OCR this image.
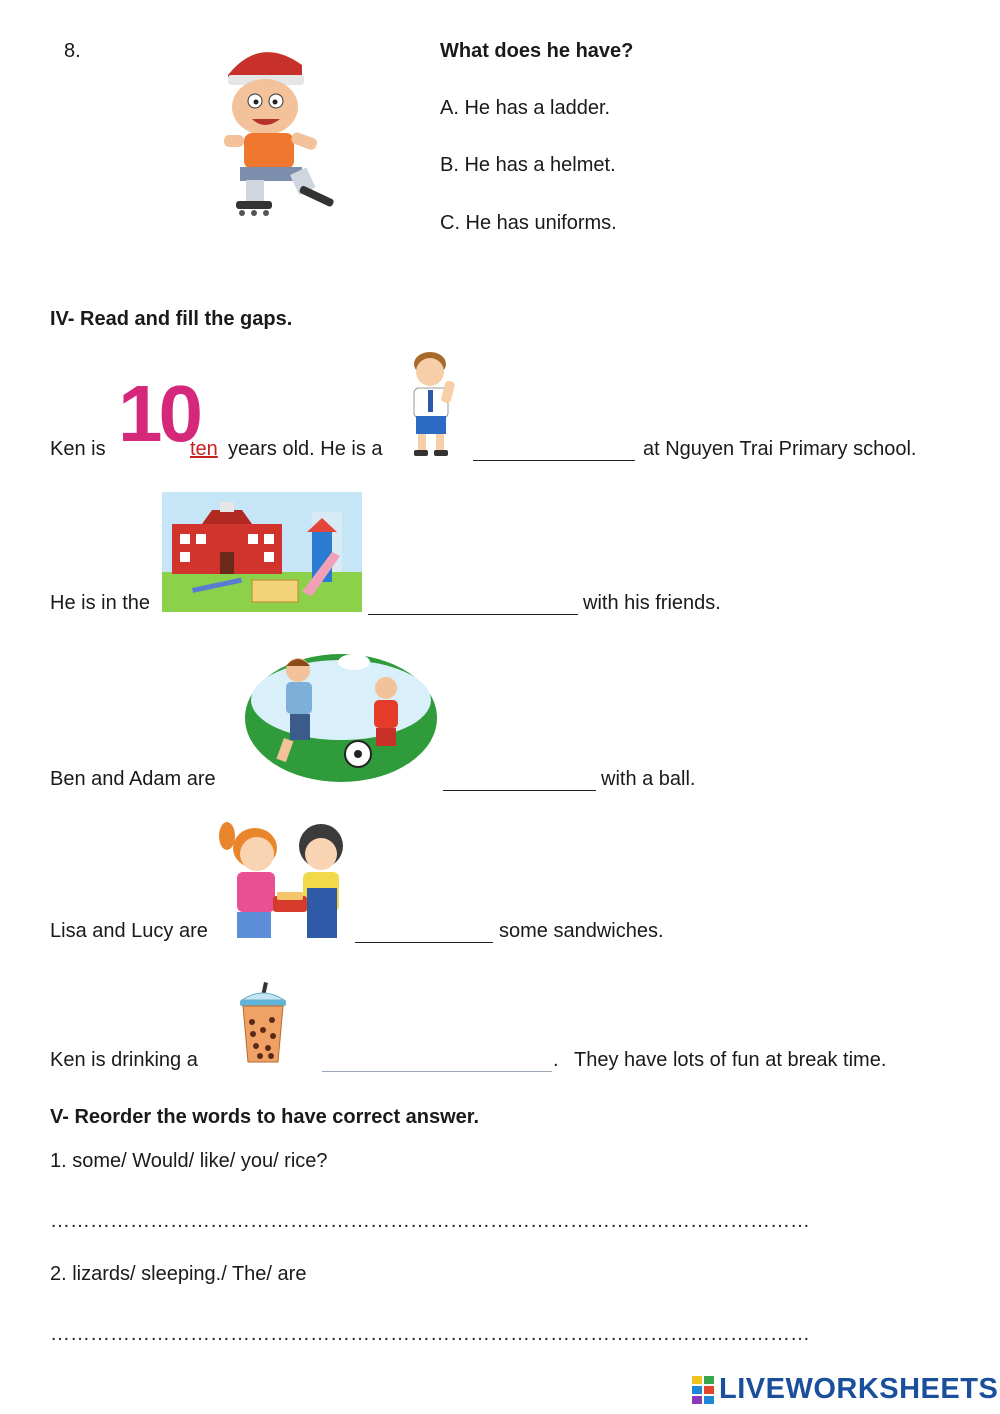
8.	What does he have?
A. He has a ladder.
B. He has a helmet.
C. He has uniforms.
IV- Read and fill the gaps.
Ken is 10
ten years old. He is a	at Nguyen Trai Primary school.
He is in the	with his friends.
Ben and Adam are	with a ball.
Lisa and Lucy are	some sandwiches.
Ken is drinking a	. They have lots of fun at break time.
V- Reorder the words to have correct answer.
1. some/ Would/ like/ you/ rice?
……………………………………………………………………………………………………
2. lizards/ sleeping./ The/ are
……………………………………………………………………………………………………
LIVEWORKSHEETS
